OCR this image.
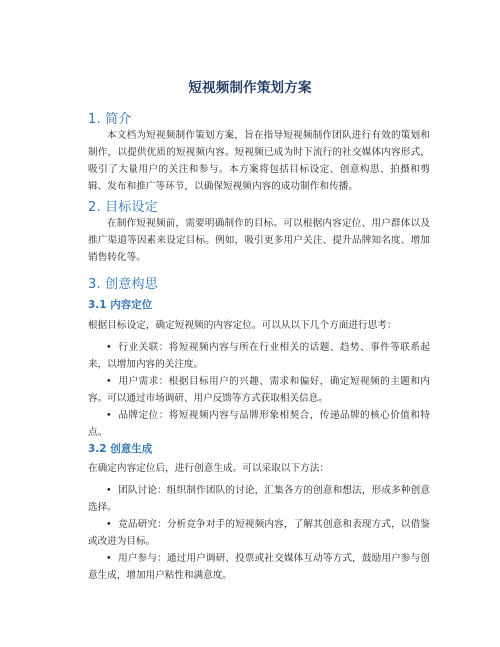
短视频制作策划方案
1. 简介
本文档为短视频制作策划方案，旨在指导短视频制作团队进行有效的策划和制作，以提供优质的短视频内容。短视频已成为时下流行的社交媒体内容形式，吸引了大量用户的关注和参与。本方案将包括目标设定、创意构思、拍摄和剪辑、发布和推广等环节，以确保短视频内容的成功制作和传播。
2. 目标设定
在制作短视频前，需要明确制作的目标。可以根据内容定位、用户群体以及推广渠道等因素来设定目标。例如，吸引更多用户关注、提升品牌知名度、增加销售转化等。
3. 创意构思
3.1 内容定位
根据目标设定，确定短视频的内容定位。可以从以下几个方面进行思考：
• 行业关联：将短视频内容与所在行业相关的话题、趋势、事件等联系起来，以增加内容的关注度。
• 用户需求：根据目标用户的兴趣、需求和偏好，确定短视频的主题和内容。可以通过市场调研、用户反馈等方式获取相关信息。
• 品牌定位：将短视频内容与品牌形象相契合，传递品牌的核心价值和特点。
3.2 创意生成
在确定内容定位后，进行创意生成。可以采取以下方法：
• 团队讨论：组织制作团队的讨论，汇集各方的创意和想法，形成多种创意选择。
• 竞品研究：分析竞争对手的短视频内容，了解其创意和表现方式，以借鉴或改进为目标。
• 用户参与：通过用户调研、投票或社交媒体互动等方式，鼓励用户参与创意生成，增加用户粘性和满意度。
